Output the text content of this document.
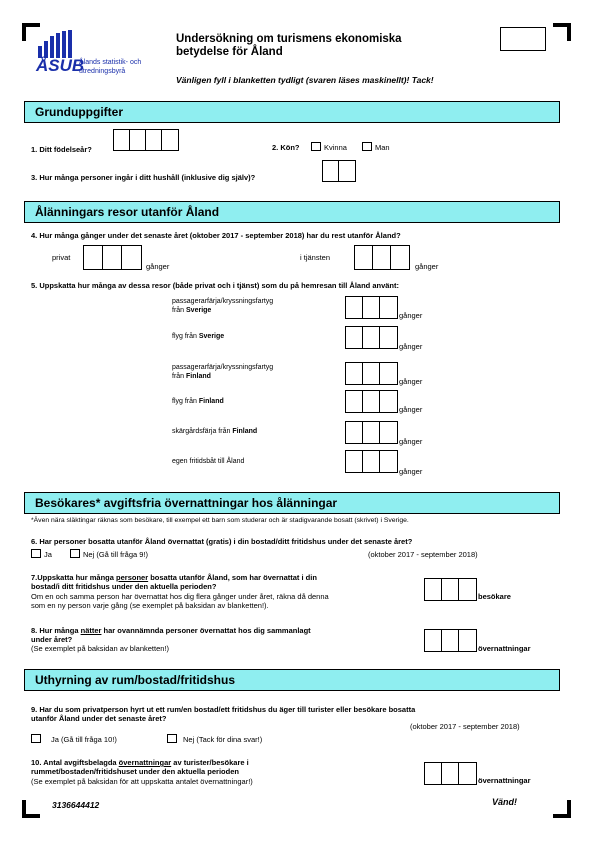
ÅSUB
Ålands statistik- och utredningsbyrå
Undersökning om turismens ekonomiska
betydelse för Åland
Vänligen fyll i blanketten tydligt (svaren läses maskinellt)! Tack!
Grunduppgifter
1. Ditt födelseår?	2. Kön?	Kvinna	Man
3. Hur många personer ingår i ditt hushåll (inklusive dig själv)?
Ålänningars resor utanför Åland
4. Hur många gånger under det senaste året (oktober 2017 - september 2018) har du rest utanför Åland?
privat
gånger
i tjänsten
gånger
5. Uppskatta hur många av dessa resor (både privat och i tjänst) som du på hemresan till Åland använt:
passagerarfärja/kryssningsfartyg
från Sverige
gånger
flyg från Sverige
gånger
passagerarfärja/kryssningsfartyg
från Finland
gånger
flyg från Finland
gånger
skärgårdsfärja från Finland
gånger
egen fritidsbåt till Åland
gånger
Besökares* avgiftsfria övernattningar hos ålänningar
*Även nära släktingar räknas som besökare, till exempel ett barn som studerar och är stadigvarande bosatt (skrivet) i Sverige.
6. Har personer bosatta utanför Åland övernattat (gratis) i din bostad/ditt fritidshus under det senaste året?
Ja	Nej (Gå till fråga 9!)	(oktober 2017 - september 2018)
7.Uppskatta hur många personer bosatta utanför Åland, som har övernattat i din
bostad/i ditt fritidshus under den aktuella perioden?
Om en och samma person har övernattat hos dig flera gånger under året, räkna då denna
som en ny person varje gång (se exemplet på baksidan av blanketten!).
besökare
8. Hur många nätter har ovannämnda personer övernattat hos dig sammanlagt
under året?
(Se exemplet på baksidan av blanketten!)	övernattningar
Uthyrning av rum/bostad/fritidshus
9. Har du som privatperson hyrt ut ett rum/en bostad/ett fritidshus du äger till turister eller besökare bosatta
utanför Åland under det senaste året?
(oktober 2017 - september 2018)
Ja (Gå till fråga 10!)	Nej (Tack för dina svar!)
10. Antal avgiftsbelagda övernattningar av turister/besökare i
rummet/bostaden/fritidshuset under den aktuella perioden
(Se exemplet på baksidan för att uppskatta antalet övernattningar!)	övernattningar
3136644412	Vänd!
